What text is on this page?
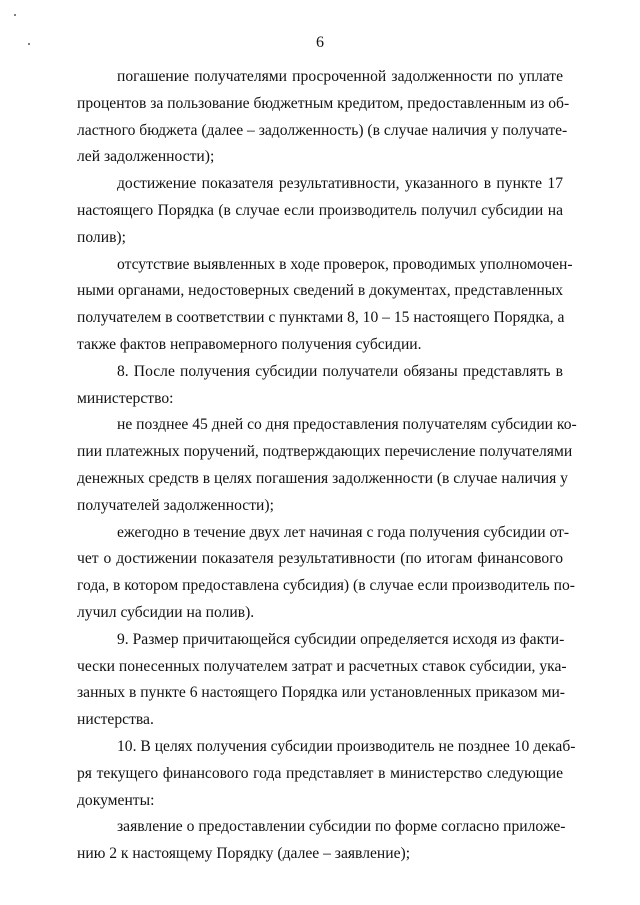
6

погашение получателями просроченной задолженности по уплате
процентов за пользование бюджетным кредитом, предоставленным из об-
ластного бюджета (далее – задолженность) (в случае наличия у получате-
лей задолженности);

достижение показателя результативности, указанного в пункте 17
настоящего Порядка (в случае если производитель получил субсидии на
полив);

отсутствие выявленных в ходе проверок, проводимых уполномочен-
ными органами, недостоверных сведений в документах, представленных
получателем в соответствии с пунктами 8, 10 – 15 настоящего Порядка, а
также фактов неправомерного получения субсидии.

8. После получения субсидии получатели обязаны представлять в
министерство:

не позднее 45 дней со дня предоставления получателям субсидии ко-
пии платежных поручений, подтверждающих перечисление получателями
денежных средств в целях погашения задолженности (в случае наличия у
получателей задолженности);

ежегодно в течение двух лет начиная с года получения субсидии от-
чет о достижении показателя результативности (по итогам финансового
года, в котором предоставлена субсидия) (в случае если производитель по-
лучил субсидии на полив).

9. Размер причитающейся субсидии определяется исходя из факти-
чески понесенных получателем затрат и расчетных ставок субсидии, ука-
занных в пункте 6 настоящего Порядка или установленных приказом ми-
нистерства.

10. В целях получения субсидии производитель не позднее 10 декаб-
ря текущего финансового года представляет в министерство следующие
документы:

заявление о предоставлении субсидии по форме согласно приложе-
нию 2 к настоящему Порядку (далее – заявление);
